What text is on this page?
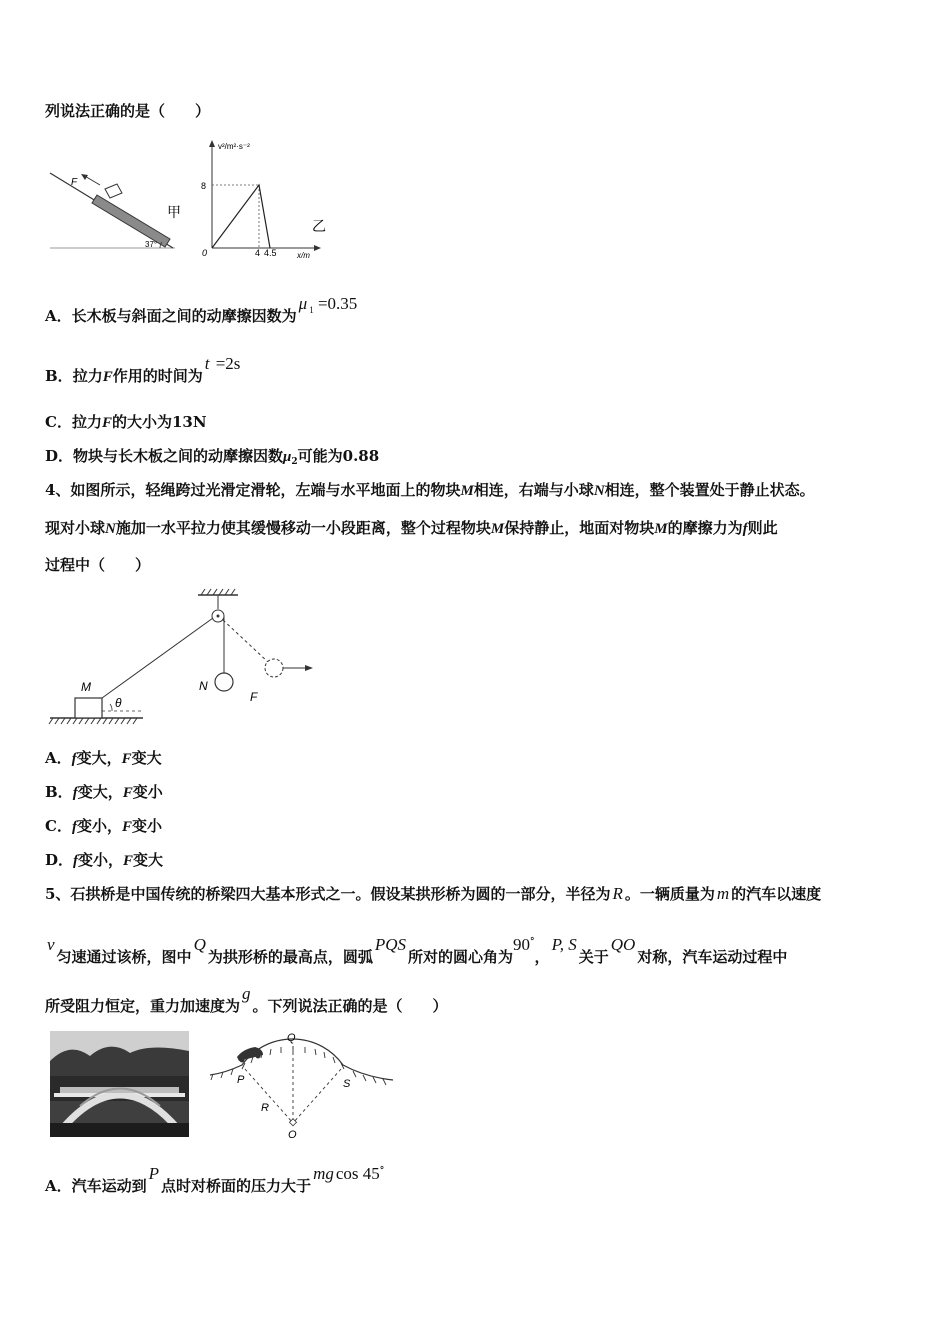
列说法正确的是（　　）
F
甲
37°
v²/m²·s⁻²
x/m
8
0	4 4.5
乙
A．长木板与斜面之间的动摩擦因数为μ $^1$ =0.35
B．拉力F作用的时间为t =2s
C．拉力F的大小为13N
D．物块与长木板之间的动摩擦因数$\mu_2$可能为0.88
4、如图所示，轻绳跨过光滑定滑轮，左端与水平地面上的物块M相连，右端与小球N相连，整个装置处于静止状态。
现对小球N施加一水平拉力使其缓慢移动一小段距离，整个过程物块M保持静止，地面对物块M的摩擦力为f则此
过程中（　　）
M
θ
N
F
A．f变大，F变大
B．f变大，F变小
C．f变小，F变小
D．f变小，F变大
5、石拱桥是中国传统的桥梁四大基本形式之一。假设某拱形桥为圆的一部分，半径为 R 。一辆质量为 m 的汽车以速度
v匀速通过该桥，图中Q为拱形桥的最高点，圆弧PQS所对的圆心角为90°，P, S关于QO对称，汽车运动过程中
所受阻力恒定，重力加速度为g。下列说法正确的是（　　）
Q
P	S
R
O
A．汽车运动到P点时对桥面的压力大于mg cos 45°
